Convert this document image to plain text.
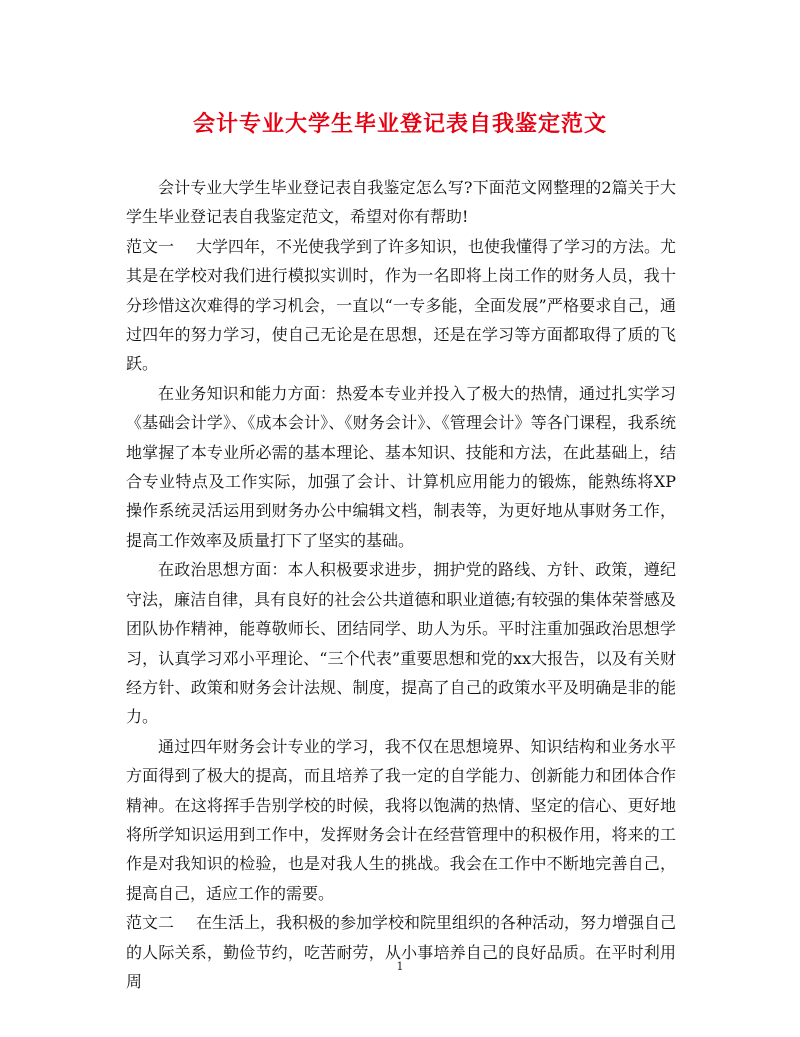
会计专业大学生毕业登记表自我鉴定范文

会计专业大学生毕业登记表自我鉴定怎么写?下面范文网整理的2篇关于大学生毕业登记表自我鉴定范文，希望对你有帮助!

范文一 大学四年，不光使我学到了许多知识，也使我懂得了学习的方法。尤其是在学校对我们进行模拟实训时，作为一名即将上岗工作的财务人员，我十分珍惜这次难得的学习机会，一直以“一专多能，全面发展”严格要求自己，通过四年的努力学习，使自己无论是在思想，还是在学习等方面都取得了质的飞跃。

在业务知识和能力方面：热爱本专业并投入了极大的热情，通过扎实学习《基础会计学》、《成本会计》、《财务会计》、《管理会计》等各门课程，我系统地掌握了本专业所必需的基本理论、基本知识、技能和方法，在此基础上，结合专业特点及工作实际，加强了会计、计算机应用能力的锻炼，能熟练将XP操作系统灵活运用到财务办公中编辑文档，制表等，为更好地从事财务工作，提高工作效率及质量打下了坚实的基础。

在政治思想方面：本人积极要求进步，拥护党的路线、方针、政策，遵纪守法，廉洁自律，具有良好的社会公共道德和职业道德;有较强的集体荣誉感及团队协作精神，能尊敬师长、团结同学、助人为乐。平时注重加强政治思想学习，认真学习邓小平理论、“三个代表”重要思想和党的xx大报告，以及有关财经方针、政策和财务会计法规、制度，提高了自己的政策水平及明确是非的能力。

通过四年财务会计专业的学习，我不仅在思想境界、知识结构和业务水平方面得到了极大的提高，而且培养了我一定的自学能力、创新能力和团体合作精神。在这将挥手告别学校的时候，我将以饱满的热情、坚定的信心、更好地将所学知识运用到工作中，发挥财务会计在经营管理中的积极作用，将来的工作是对我知识的检验，也是对我人生的挑战。我会在工作中不断地完善自己，提高自己，适应工作的需要。

范文二 在生活上，我积极的参加学校和院里组织的各种活动，努力增强自己的人际关系，勤俭节约，吃苦耐劳，从小事培养自己的良好品质。在平时利用周

1
